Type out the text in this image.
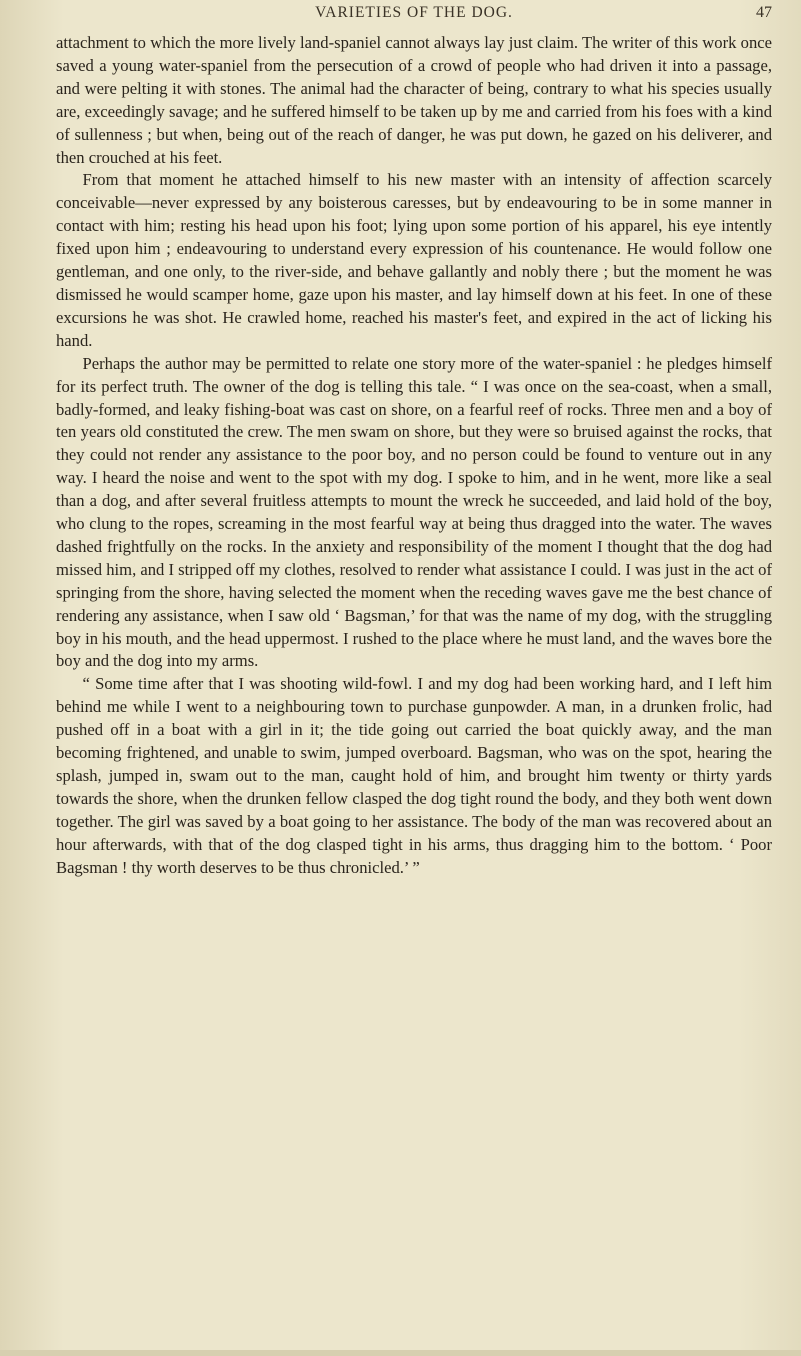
VARIETIES OF THE DOG.	47

attachment to which the more lively land-spaniel cannot always lay just claim. The writer of this work once saved a young water-spaniel from the persecution of a crowd of people who had driven it into a passage, and were pelting it with stones. The animal had the character of being, contrary to what his species usually are, exceedingly savage; and he suffered himself to be taken up by me and carried from his foes with a kind of sullenness ; but when, being out of the reach of danger, he was put down, he gazed on his deliverer, and then crouched at his feet.

From that moment he attached himself to his new master with an intensity of affection scarcely conceivable—never expressed by any boisterous caresses, but by endeavouring to be in some manner in contact with him; resting his head upon his foot; lying upon some portion of his apparel, his eye intently fixed upon him ; endeavouring to understand every expression of his countenance. He would follow one gentleman, and one only, to the river-side, and behave gallantly and nobly there ; but the moment he was dismissed he would scamper home, gaze upon his master, and lay himself down at his feet. In one of these excursions he was shot. He crawled home, reached his master's feet, and expired in the act of licking his hand.

Perhaps the author may be permitted to relate one story more of the water-spaniel : he pledges himself for its perfect truth. The owner of the dog is telling this tale. “ I was once on the sea-coast, when a small, badly-formed, and leaky fishing-boat was cast on shore, on a fearful reef of rocks. Three men and a boy of ten years old constituted the crew. The men swam on shore, but they were so bruised against the rocks, that they could not render any assistance to the poor boy, and no person could be found to venture out in any way. I heard the noise and went to the spot with my dog. I spoke to him, and in he went, more like a seal than a dog, and after several fruitless attempts to mount the wreck he succeeded, and laid hold of the boy, who clung to the ropes, screaming in the most fearful way at being thus dragged into the water. The waves dashed frightfully on the rocks. In the anxiety and responsibility of the moment I thought that the dog had missed him, and I stripped off my clothes, resolved to render what assistance I could. I was just in the act of springing from the shore, having selected the moment when the receding waves gave me the best chance of rendering any assistance, when I saw old ‘ Bagsman,’ for that was the name of my dog, with the struggling boy in his mouth, and the head uppermost. I rushed to the place where he must land, and the waves bore the boy and the dog into my arms.

“ Some time after that I was shooting wild-fowl. I and my dog had been working hard, and I left him behind me while I went to a neighbouring town to purchase gunpowder. A man, in a drunken frolic, had pushed off in a boat with a girl in it; the tide going out carried the boat quickly away, and the man becoming frightened, and unable to swim, jumped overboard. Bagsman, who was on the spot, hearing the splash, jumped in, swam out to the man, caught hold of him, and brought him twenty or thirty yards towards the shore, when the drunken fellow clasped the dog tight round the body, and they both went down together. The girl was saved by a boat going to her assistance. The body of the man was recovered about an hour afterwards, with that of the dog clasped tight in his arms, thus dragging him to the bottom. ‘ Poor Bagsman ! thy worth deserves to be thus chronicled.’ ”
